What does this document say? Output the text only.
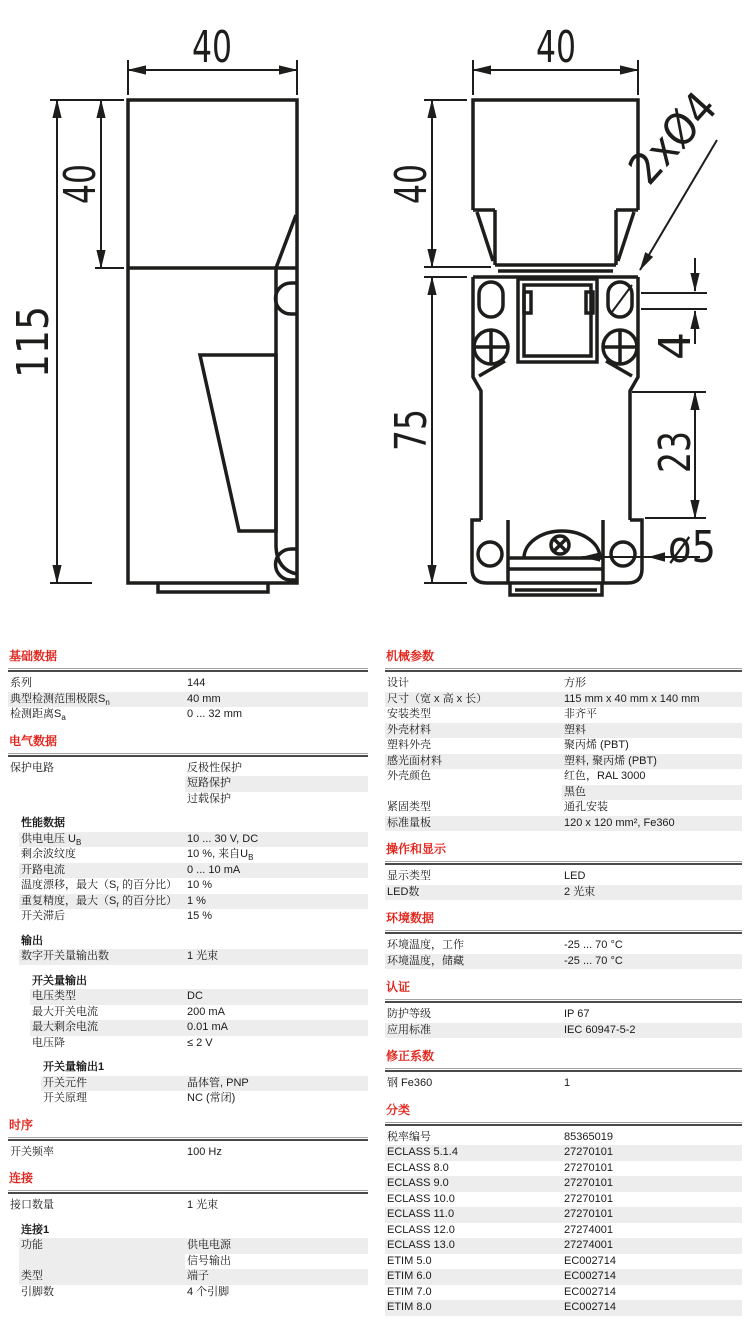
40
115
40
40
40
75
4
23
2xØ4
ø5
基础数据
系列	144
典型检测范围极限$S_n$	40 mm
检测距离$S_a$	0 ... 32 mm
电气数据
保护电路	反极性保护
短路保护
过载保护
性能数据
供电电压 $U_B$	10 ... 30 V, DC
剩余波纹度	10 %, 来自$U_B$
开路电流	0 ... 10 mA
温度漂移，最大（$S_r$ 的百分比） 10 %
重复精度，最大（$S_r$ 的百分比） 1 %
开关滞后	15 %
输出
数字开关量输出数	1 光束
开关量输出
电压类型	DC
最大开关电流	200 mA
最大剩余电流	0.01 mA
电压降	≤ 2 V
开关量输出1
开关元件	晶体管, PNP
开关原理	NC (常闭)
时序
开关频率	100 Hz
连接
接口数量	1 光束
连接1
功能	供电电源
信号输出
类型	端子
引脚数	4 个引脚
机械参数
设计	方形
尺寸（宽 x 高 x 长）	115 mm x 40 mm x 140 mm
安装类型	非齐平
外壳材料	塑料
塑料外壳	聚丙烯 (PBT)
感光面材料	塑料, 聚丙烯 (PBT)
外壳颜色	红色，RAL 3000
黑色
紧固类型	通孔安装
标准量板	120 x 120 mm², Fe360
操作和显示
显示类型	LED
LED数	2 光束
环境数据
环境温度，工作	-25 ... 70 °C
环境温度，储藏	-25 ... 70 °C
认证
防护等级	IP 67
应用标准	IEC 60947-5-2
修正系数
钢 Fe360	1
分类
税率编号	85365019
ECLASS 5.1.4	27270101
ECLASS 8.0	27270101
ECLASS 9.0	27270101
ECLASS 10.0	27270101
ECLASS 11.0	27270101
ECLASS 12.0	27274001
ECLASS 13.0	27274001
ETIM 5.0	EC002714
ETIM 6.0	EC002714
ETIM 7.0	EC002714
ETIM 8.0	EC002714
